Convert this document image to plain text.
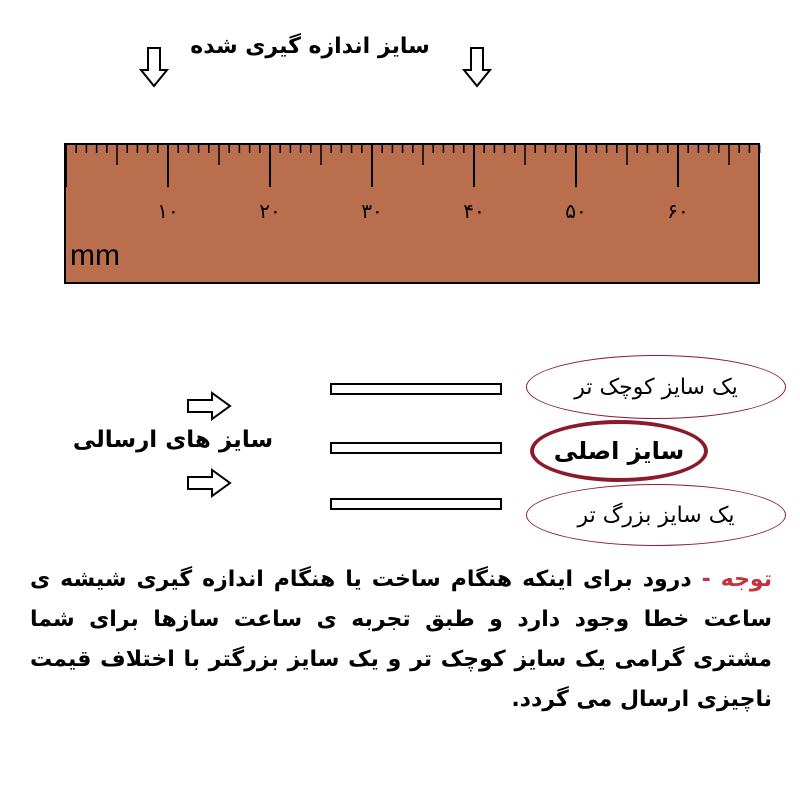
سایز اندازه گیری شده
۱۰	۲۰	۳۰	۴۰	۵۰	۶۰
mm
سایز های ارسالی
یک سایز کوچک تر
سایز اصلی
یک سایز بزرگ تر
توجه - درود برای اینکه هنگام ساخت یا هنگام اندازه گیری شیشه ی ساعت خطا وجود دارد و طبق تجربه ی ساعت سازها برای شما مشتری گرامی یک سایز کوچک تر و یک سایز بزرگتر با اختلاف قیمت ناچیزی ارسال می گردد.
